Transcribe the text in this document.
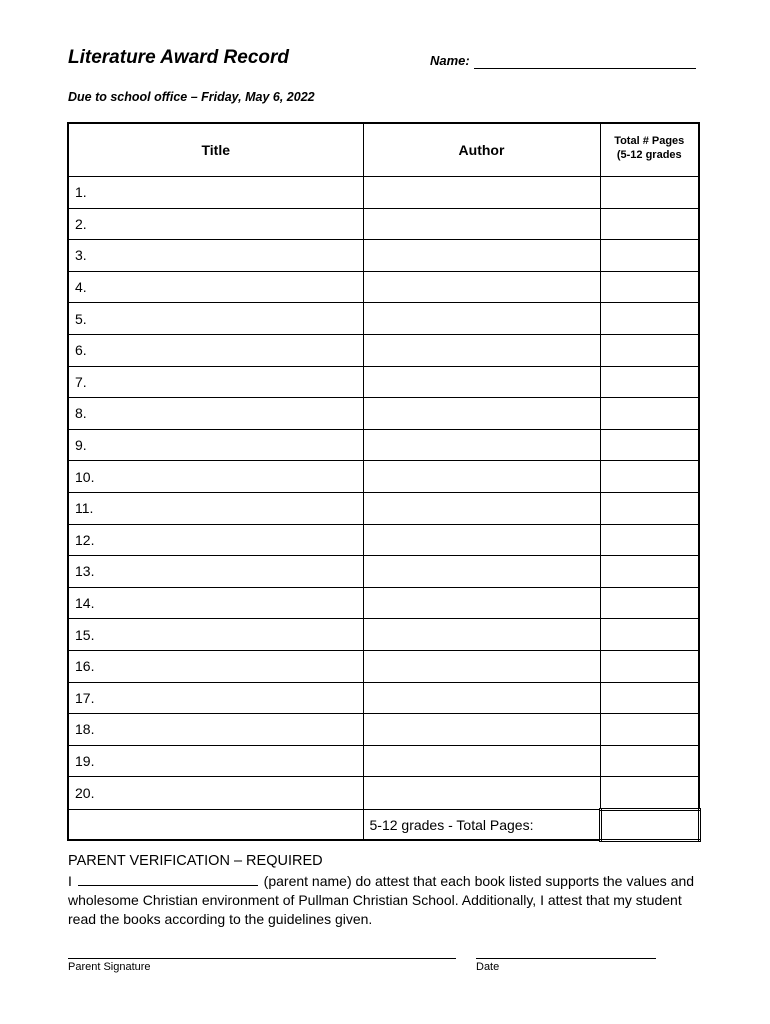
Literature Award Record	Name:
Due to school office – Friday, May 6, 2022
Title	Author	Total # Pages
(5-12 grades

1.		
2.		
3.		
4.		
5.		
6.		
7.		
8.		
9.		
10.		
11.		
12.		
13.		
14.		
15.		
16.		
17.		
18.		
19.		
20.		
	5-12 grades - Total Pages:	
PARENT VERIFICATION – REQUIRED
I	(parent name) do attest that each book listed supports the values and wholesome Christian environment of Pullman Christian School. Additionally, I attest that my student read the books according to the guidelines given.
Parent Signature	Date
